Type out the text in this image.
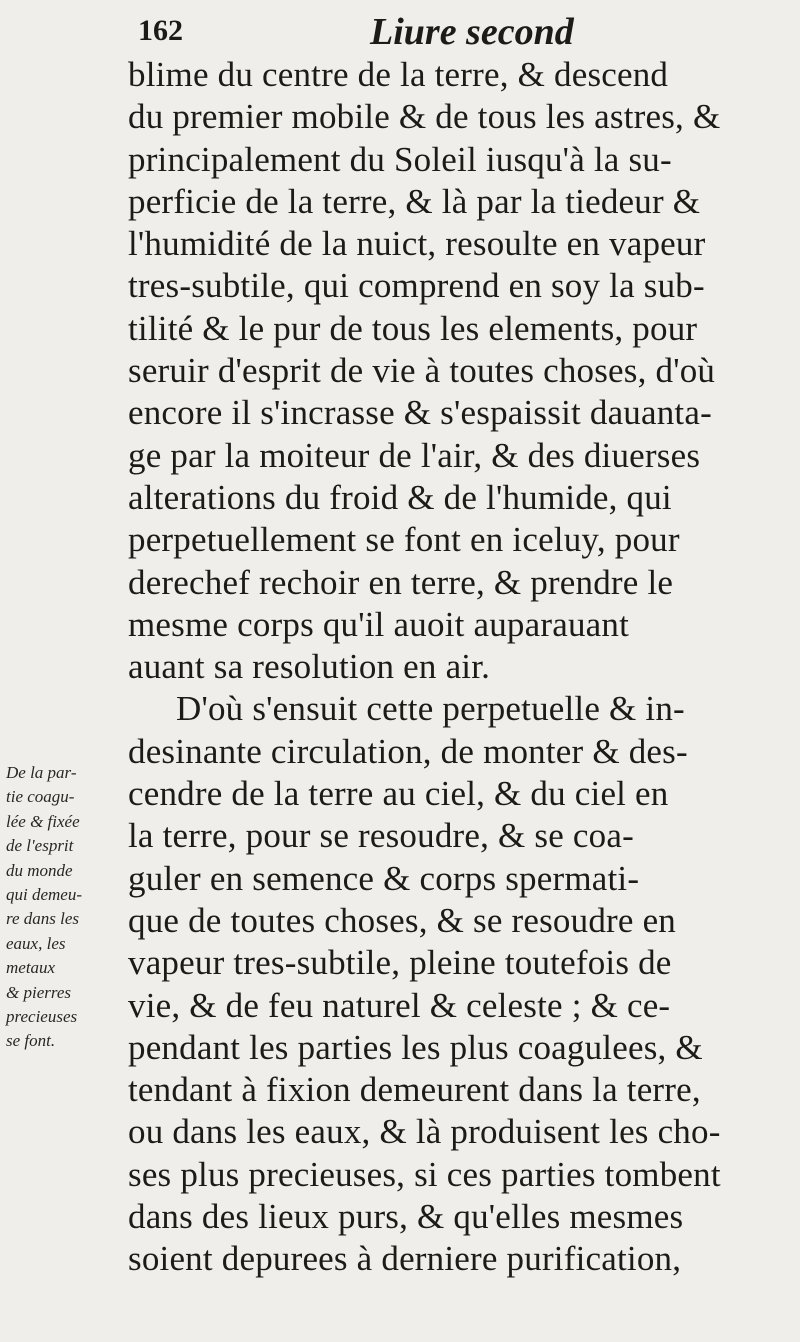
162	Liure second
De la par-
tie coagu-
lée & fixée
de l'esprit
du monde
qui demeu-
re dans les
eaux, les
metaux
& pierres
precieuses
se font.
blime du centre de la terre, & descend
du premier mobile & de tous les astres, &
principalement du Soleil iusqu'à la su-
perficie de la terre, & là par la tiedeur &
l'humidité de la nuict, resoulte en vapeur
tres-subtile, qui comprend en soy la sub-
tilité & le pur de tous les elements, pour
seruir d'esprit de vie à toutes choses, d'où
encore il s'incrasse & s'espaissit dauanta-
ge par la moiteur de l'air, & des diuerses
alterations du froid & de l'humide, qui
perpetuellement se font en iceluy, pour
derechef rechoir en terre, & prendre le
mesme corps qu'il auoit auparauant
auant sa resolution en air.
D'où s'ensuit cette perpetuelle & in-
desinante circulation, de monter & des-
cendre de la terre au ciel, & du ciel en
la terre, pour se resoudre, & se coa-
guler en semence & corps spermati-
que de toutes choses, & se resoudre en
vapeur tres-subtile, pleine toutefois de
vie, & de feu naturel & celeste ; & ce-
pendant les parties les plus coagulees, &
tendant à fixion demeurent dans la terre,
ou dans les eaux, & là produisent les cho-
ses plus precieuses, si ces parties tombent
dans des lieux purs, & qu'elles mesmes
soient depurees à derniere purification,
